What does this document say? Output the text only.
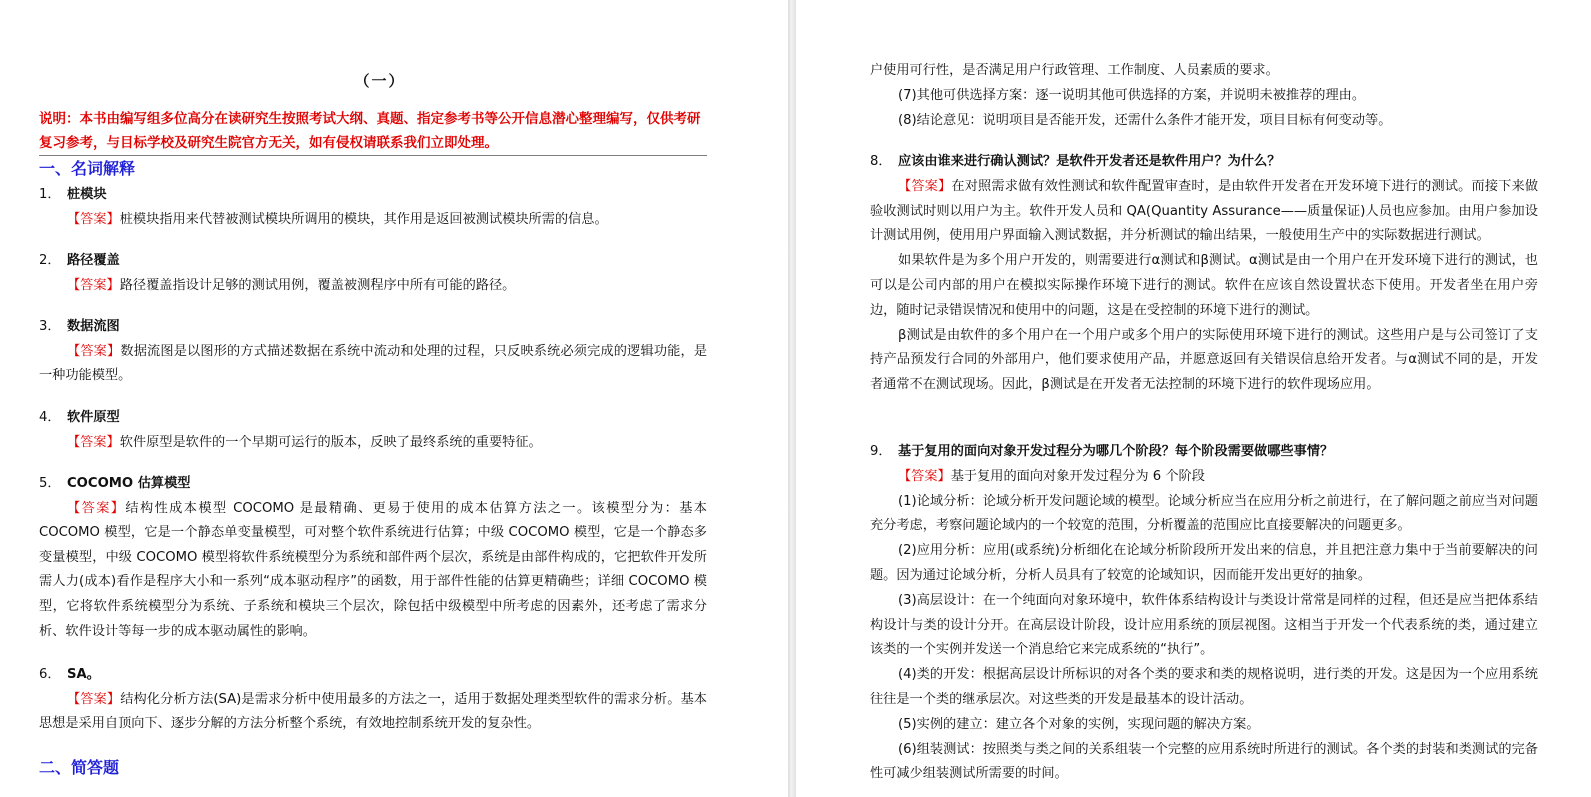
（一）
说明：本书由编写组多位高分在读研究生按照考试大纲、真题、指定参考书等公开信息潜心整理编写，仅供考研复习参考，与目标学校及研究生院官方无关，如有侵权请联系我们立即处理。
一、名词解释
1． 桩模块
【答案】桩模块指用来代替被测试模块所调用的模块，其作用是返回被测试模块所需的信息。
2． 路径覆盖
【答案】路径覆盖指设计足够的测试用例，覆盖被测程序中所有可能的路径。
3． 数据流图
【答案】数据流图是以图形的方式描述数据在系统中流动和处理的过程，只反映系统必须完成的逻辑功能，是一种功能模型。
4． 软件原型
【答案】软件原型是软件的一个早期可运行的版本，反映了最终系统的重要特征。
5． COCOMO 估算模型
【答案】结构性成本模型 COCOMO 是最精确、更易于使用的成本估算方法之一。该模型分为：基本 COCOMO 模型，它是一个静态单变量模型，可对整个软件系统进行估算；中级 COCOMO 模型，它是一个静态多变量模型，中级 COCOMO 模型将软件系统模型分为系统和部件两个层次，系统是由部件构成的，它把软件开发所需人力(成本)看作是程序大小和一系列“成本驱动程序”的函数，用于部件性能的估算更精确些；详细 COCOMO 模型，它将软件系统模型分为系统、子系统和模块三个层次，除包括中级模型中所考虑的因素外，还考虑了需求分析、软件设计等每一步的成本驱动属性的影响。
6． SA。
【答案】结构化分析方法(SA)是需求分析中使用最多的方法之一，适用于数据处理类型软件的需求分析。基本思想是采用自顶向下、逐步分解的方法分析整个系统，有效地控制系统开发的复杂性。
二、简答题
户使用可行性，是否满足用户行政管理、工作制度、人员素质的要求。
(7)其他可供选择方案：逐一说明其他可供选择的方案，并说明未被推荐的理由。
(8)结论意见：说明项目是否能开发，还需什么条件才能开发，项目目标有何变动等。
8． 应该由谁来进行确认测试？是软件开发者还是软件用户？为什么？
【答案】在对照需求做有效性测试和软件配置审查时，是由软件开发者在开发环境下进行的测试。而接下来做验收测试时则以用户为主。软件开发人员和 QA(Quantity Assurance——质量保证)人员也应参加。由用户参加设计测试用例，使用用户界面输入测试数据，并分析测试的输出结果，一般使用生产中的实际数据进行测试。
如果软件是为多个用户开发的，则需要进行α测试和β测试。α测试是由一个用户在开发环境下进行的测试，也可以是公司内部的用户在模拟实际操作环境下进行的测试。软件在应该自然设置状态下使用。开发者坐在用户旁边，随时记录错误情况和使用中的问题，这是在受控制的环境下进行的测试。
β测试是由软件的多个用户在一个用户或多个用户的实际使用环境下进行的测试。这些用户是与公司签订了支持产品预发行合同的外部用户，他们要求使用产品，并愿意返回有关错误信息给开发者。与α测试不同的是，开发者通常不在测试现场。因此，β测试是在开发者无法控制的环境下进行的软件现场应用。
9． 基于复用的面向对象开发过程分为哪几个阶段？每个阶段需要做哪些事情？
【答案】基于复用的面向对象开发过程分为 6 个阶段
(1)论域分析：论域分析开发问题论域的模型。论域分析应当在应用分析之前进行，在了解问题之前应当对问题充分考虑，考察问题论域内的一个较宽的范围，分析覆盖的范围应比直接要解决的问题更多。
(2)应用分析：应用(或系统)分析细化在论域分析阶段所开发出来的信息，并且把注意力集中于当前要解决的问题。因为通过论域分析，分析人员具有了较宽的论域知识，因而能开发出更好的抽象。
(3)高层设计：在一个纯面向对象环境中，软件体系结构设计与类设计常常是同样的过程，但还是应当把体系结构设计与类的设计分开。在高层设计阶段，设计应用系统的顶层视图。这相当于开发一个代表系统的类，通过建立该类的一个实例并发送一个消息给它来完成系统的“执行”。
(4)类的开发：根据高层设计所标识的对各个类的要求和类的规格说明，进行类的开发。这是因为一个应用系统往往是一个类的继承层次。对这些类的开发是最基本的设计活动。
(5)实例的建立：建立各个对象的实例，实现问题的解决方案。
(6)组装测试：按照类与类之间的关系组装一个完整的应用系统时所进行的测试。各个类的封装和类测试的完备性可减少组装测试所需要的时间。
